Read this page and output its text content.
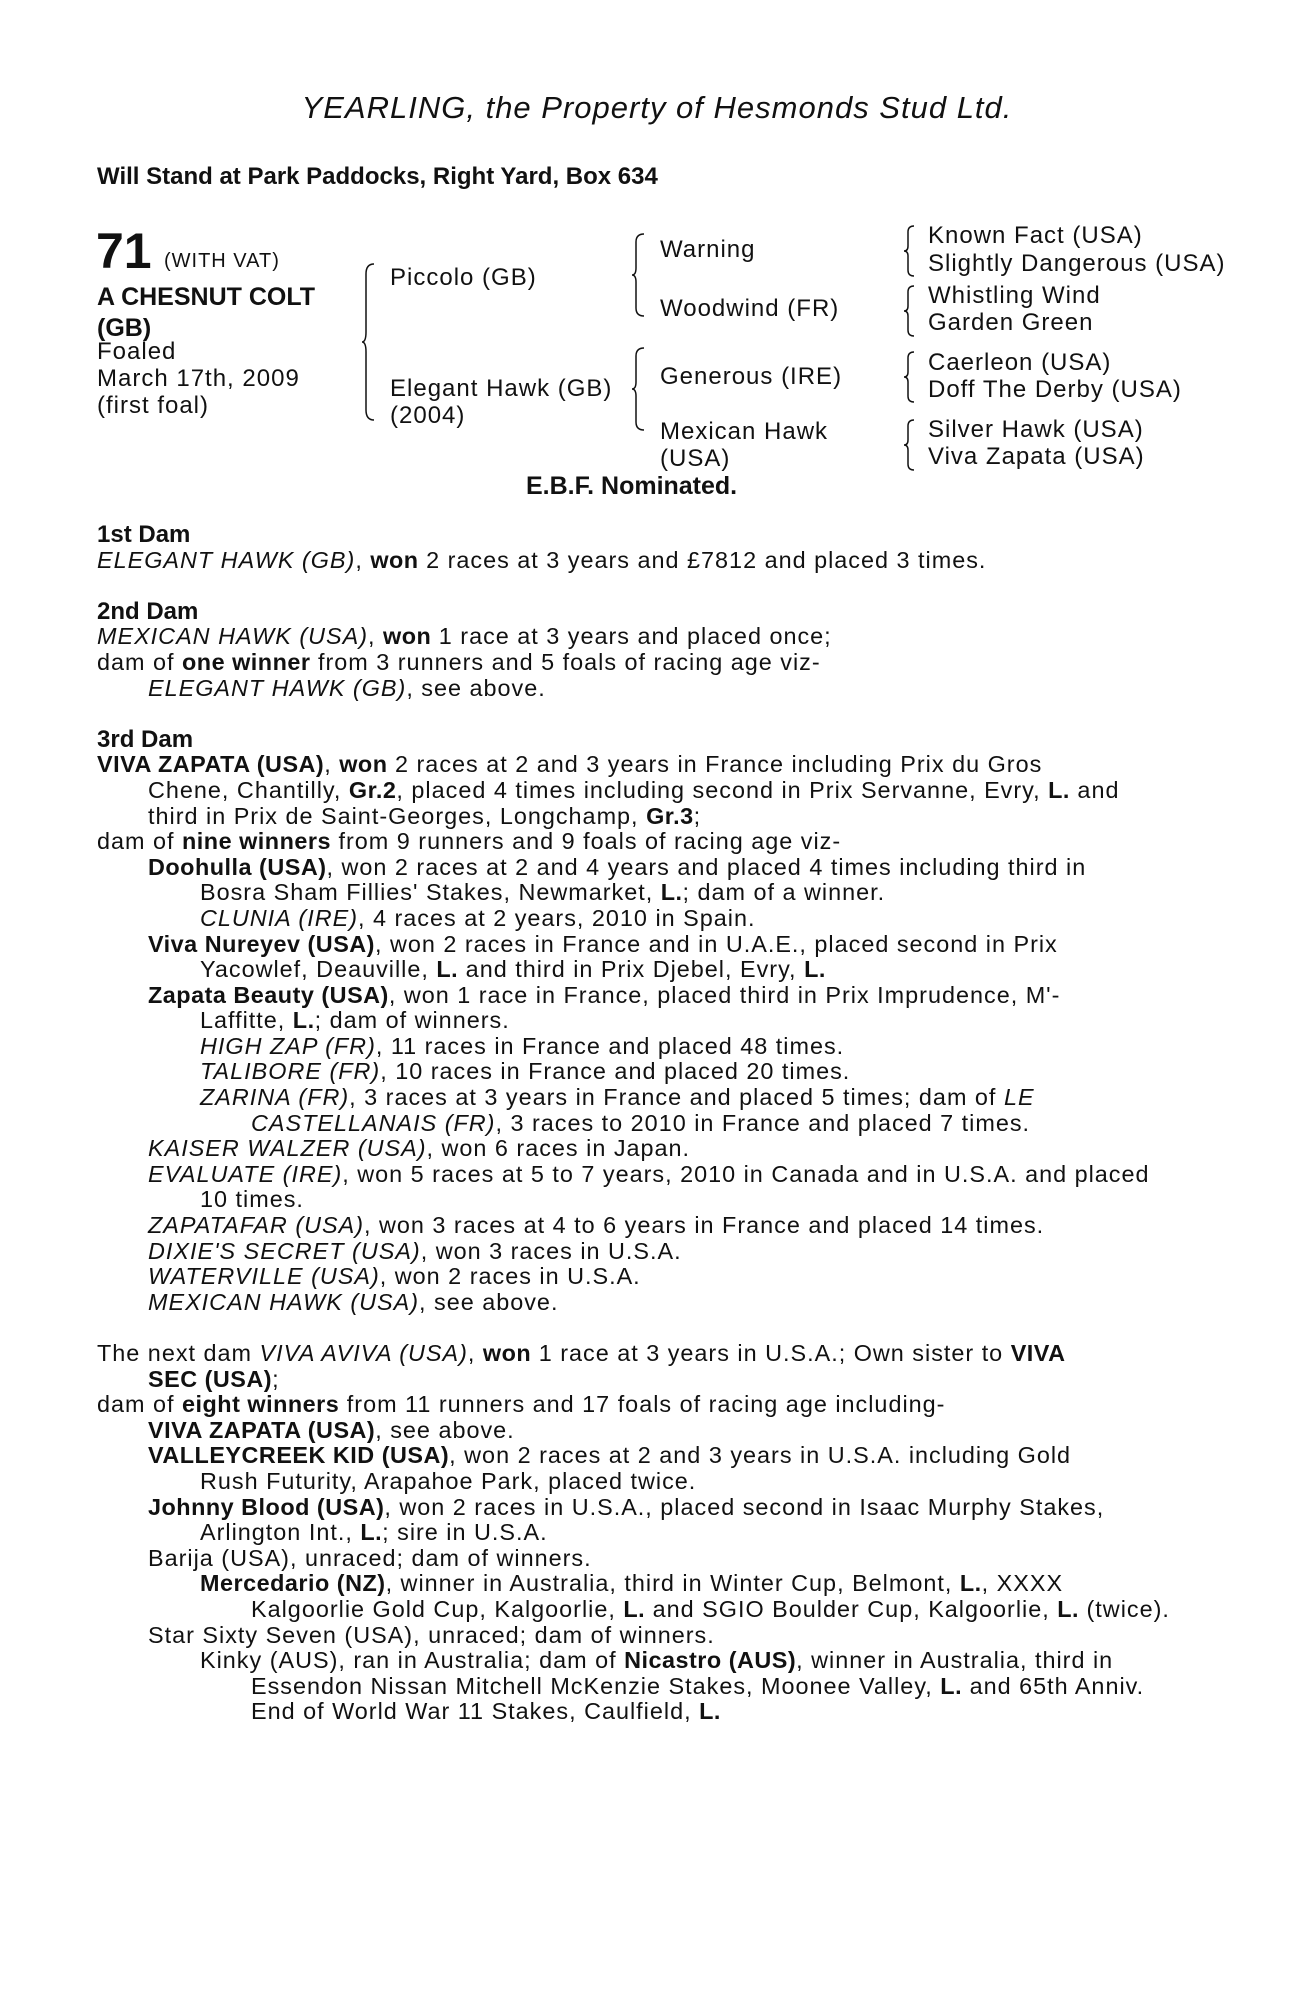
YEARLING, the Property of Hesmonds Stud Ltd.
Will Stand at Park Paddocks, Right Yard, Box 634
71 (WITH VAT)
A CHESNUT COLT
(GB)
Foaled
March 17th, 2009
(first foal)
Piccolo (GB)
Elegant Hawk (GB)
(2004)
Warning
Woodwind (FR)
Generous (IRE)
Mexican Hawk
(USA)
Known Fact (USA)
Slightly Dangerous (USA)
Whistling Wind
Garden Green
Caerleon (USA)
Doff The Derby (USA)
Silver Hawk (USA)
Viva Zapata (USA)
E.B.F. Nominated.
1st Dam
ELEGANT HAWK (GB), won 2 races at 3 years and £7812 and placed 3 times.
2nd Dam
MEXICAN HAWK (USA), won 1 race at 3 years and placed once;
dam of one winner from 3 runners and 5 foals of racing age viz-
ELEGANT HAWK (GB), see above.
3rd Dam
VIVA ZAPATA (USA), won 2 races at 2 and 3 years in France including Prix du Gros
Chene, Chantilly, Gr.2, placed 4 times including second in Prix Servanne, Evry, L. and
third in Prix de Saint-Georges, Longchamp, Gr.3;
dam of nine winners from 9 runners and 9 foals of racing age viz-
Doohulla (USA), won 2 races at 2 and 4 years and placed 4 times including third in
Bosra Sham Fillies' Stakes, Newmarket, L.; dam of a winner.
CLUNIA (IRE), 4 races at 2 years, 2010 in Spain.
Viva Nureyev (USA), won 2 races in France and in U.A.E., placed second in Prix
Yacowlef, Deauville, L. and third in Prix Djebel, Evry, L.
Zapata Beauty (USA), won 1 race in France, placed third in Prix Imprudence, M'-
Laffitte, L.; dam of winners.
HIGH ZAP (FR), 11 races in France and placed 48 times.
TALIBORE (FR), 10 races in France and placed 20 times.
ZARINA (FR), 3 races at 3 years in France and placed 5 times; dam of LE
CASTELLANAIS (FR), 3 races to 2010 in France and placed 7 times.
KAISER WALZER (USA), won 6 races in Japan.
EVALUATE (IRE), won 5 races at 5 to 7 years, 2010 in Canada and in U.S.A. and placed
10 times.
ZAPATAFAR (USA), won 3 races at 4 to 6 years in France and placed 14 times.
DIXIE'S SECRET (USA), won 3 races in U.S.A.
WATERVILLE (USA), won 2 races in U.S.A.
MEXICAN HAWK (USA), see above.
The next dam VIVA AVIVA (USA), won 1 race at 3 years in U.S.A.; Own sister to VIVA
SEC (USA);
dam of eight winners from 11 runners and 17 foals of racing age including-
VIVA ZAPATA (USA), see above.
VALLEYCREEK KID (USA), won 2 races at 2 and 3 years in U.S.A. including Gold
Rush Futurity, Arapahoe Park, placed twice.
Johnny Blood (USA), won 2 races in U.S.A., placed second in Isaac Murphy Stakes,
Arlington Int., L.; sire in U.S.A.
Barija (USA), unraced; dam of winners.
Mercedario (NZ), winner in Australia, third in Winter Cup, Belmont, L., XXXX
Kalgoorlie Gold Cup, Kalgoorlie, L. and SGIO Boulder Cup, Kalgoorlie, L. (twice).
Star Sixty Seven (USA), unraced; dam of winners.
Kinky (AUS), ran in Australia; dam of Nicastro (AUS), winner in Australia, third in
Essendon Nissan Mitchell McKenzie Stakes, Moonee Valley, L. and 65th Anniv.
End of World War 11 Stakes, Caulfield, L.
